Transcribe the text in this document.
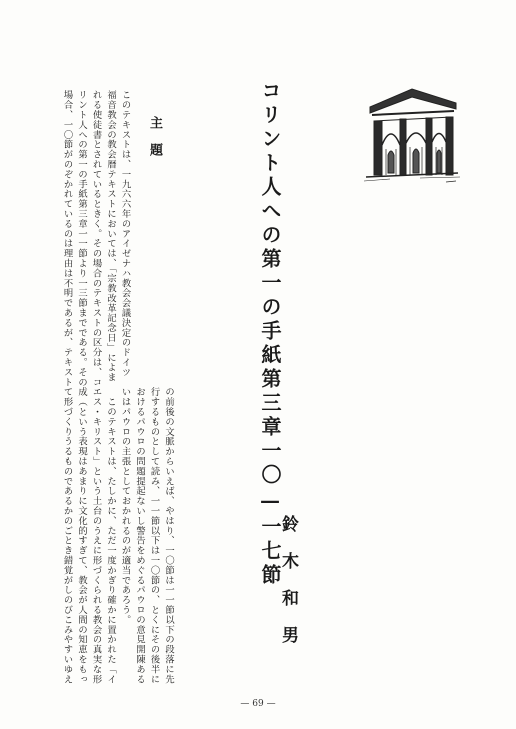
コリント人への第一の手紙第三章一〇—一七節
鈴木和男
主題
このテキストは、一九六六年のアイゼナハ教会会議決定のドイツ
福音教会の教会暦テキストにおいては、「宗教改革記念日」によま
れる使徒書とされているときく。その場合のテキストの区分は、コ
リント人への第一の手紙第三章一一節より一三節までである。その
場合、一〇節がのぞかれているのは理由は不明であるが、テキスト
の前後の文脈からいえば、やはり、一〇節は一一節以下の段落に先
行するものとして読み、一一節以下は一〇節の、とくにその後半に
おけるパウロの問題提起ないし警告をめぐるパウロの意見開陳ある
いはパウロの主張としておかれるのが適当であろう。
　このテキストは、たしかに、ただ一度かぎり確かに置かれた「イ
エス・キリスト」という土台のうえに形づくられる教会の真実な形
成（という表現はあまりに文化的すぎて、教会が人間の知恵をもっ
て形づくりうるものであるかのごとき錯覚がしのびこみやすいゆえ
— 69 —
